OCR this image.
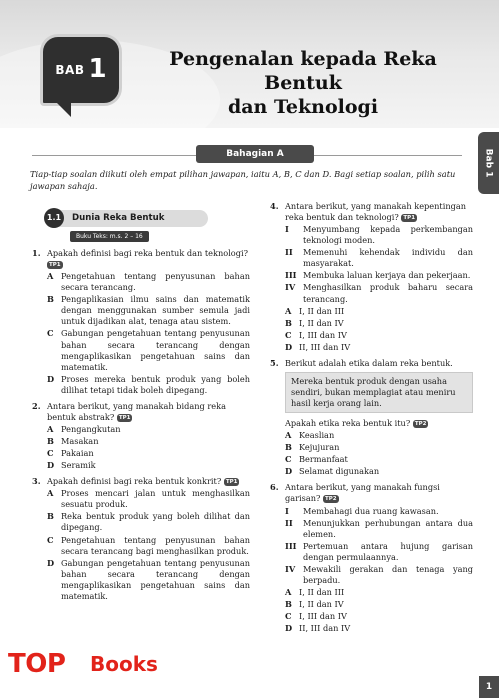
BAB 1	Pengenalan kepada Reka Bentuk
dan Teknologi
Bab 1
Bahagian A
Tiap-tiap soalan diikuti oleh empat pilihan jawapan, iaitu A, B, C dan D. Bagi setiap soalan, pilih satu jawapan sahaja.
1.1	Dunia Reka Bentuk
Buku Teks: m.s. 2 – 16
1. Apakah definisi bagi reka bentuk dan teknologi? TP1
A Pengetahuan tentang penyusunan bahan secara terancang.
B Pengaplikasian ilmu sains dan matematik dengan menggunakan sumber semula jadi untuk dijadikan alat, tenaga atau sistem.
C Gabungan pengetahuan tentang penyusunan bahan secara terancang dengan mengaplikasikan pengetahuan sains dan matematik.
D Proses mereka bentuk produk yang boleh dilihat tetapi tidak boleh dipegang.
2. Antara berikut, yang manakah bidang reka bentuk abstrak? TP1
A Pengangkutan
B Masakan
C Pakaian
D Seramik
3. Apakah definisi bagi reka bentuk konkrit? TP1
A Proses mencari jalan untuk menghasilkan sesuatu produk.
B Reka bentuk produk yang boleh dilihat dan dipegang.
C Pengetahuan tentang penyusunan bahan secara terancang bagi menghasilkan produk.
D Gabungan pengetahuan tentang penyusunan bahan secara terancang dengan mengaplikasikan pengetahuan sains dan matematik.
4. Antara berikut, yang manakah kepentingan reka bentuk dan teknologi? TP1
I	Menyumbang kepada perkembangan teknologi moden.
II	Memenuhi kehendak individu dan masyarakat.
III Membuka laluan kerjaya dan pekerjaan.
IV Menghasilkan produk baharu secara terancang.
A I, II dan III
B I, II dan IV
C I, III dan IV
D II, III dan IV
5. Berikut adalah etika dalam reka bentuk.
Mereka bentuk produk dengan usaha sendiri, bukan memplagiat atau meniru hasil kerja orang lain.
Apakah etika reka bentuk itu? TP2
A Keaslian
B Kejujuran
C Bermanfaat
D Selamat digunakan
6. Antara berikut, yang manakah fungsi garisan? TP2
I	Membahagi dua ruang kawasan.
II	Menunjukkan perhubungan antara dua elemen.
III Pertemuan antara hujung garisan dengan permulaannya.
IV Mewakili gerakan dan tenaga yang berpadu.
A I, II dan III
B I, II dan IV
C I, III dan IV
D II, III dan IV
TOP Books
1
